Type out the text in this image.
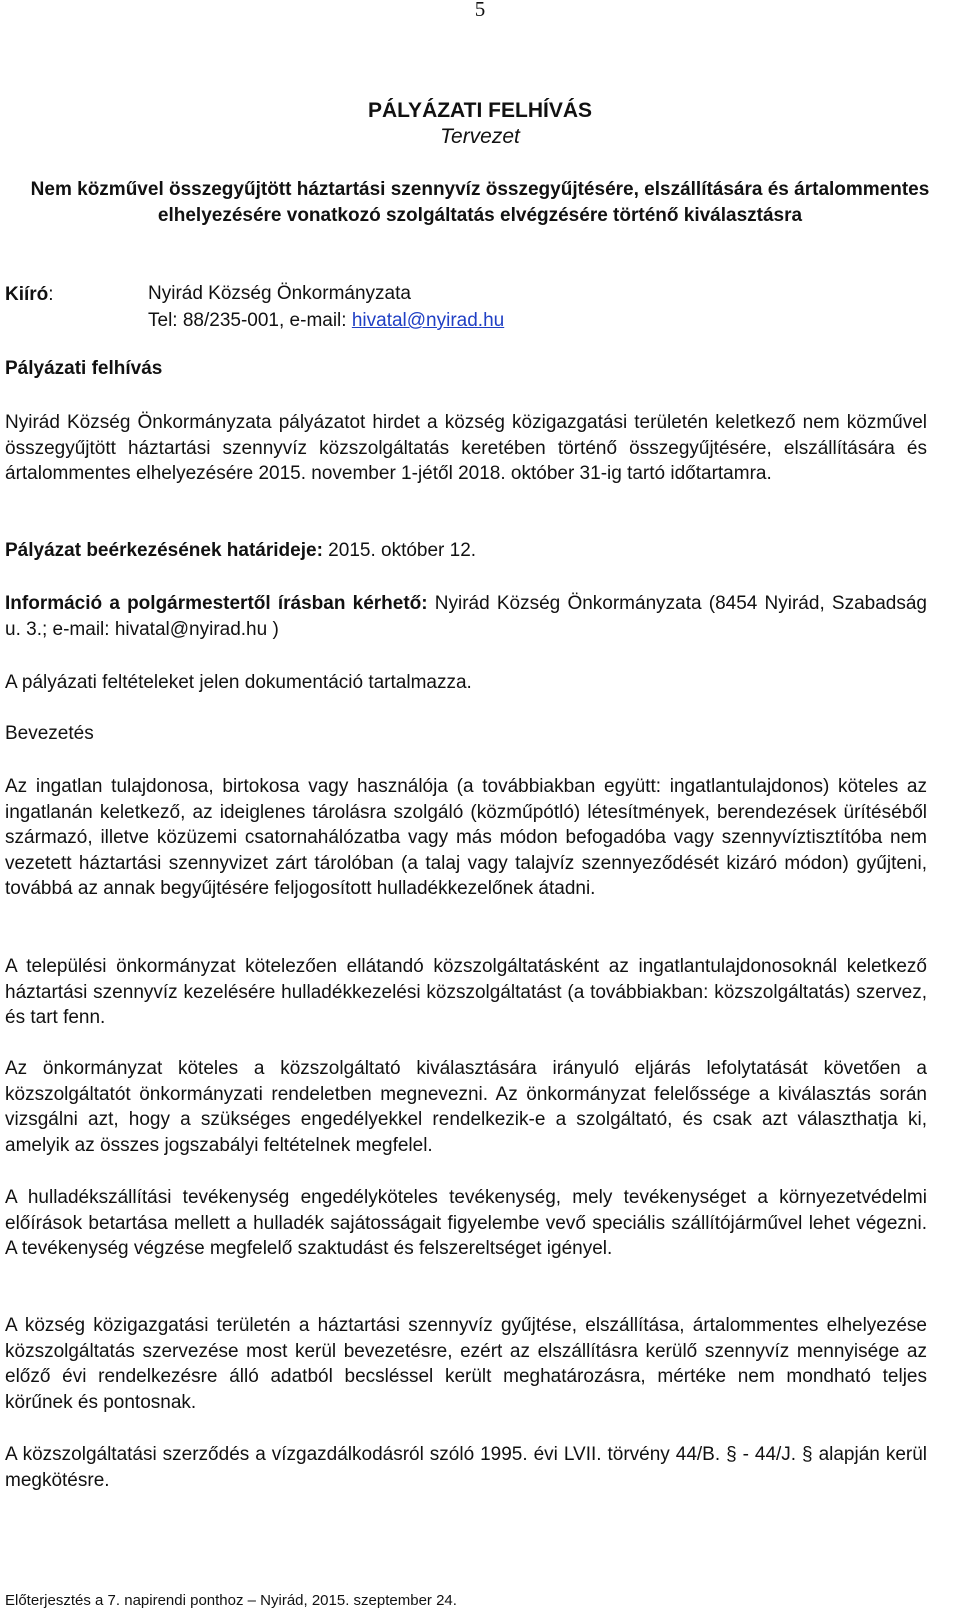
5
PÁLYÁZATI FELHÍVÁS
Tervezet
Nem közművel összegyűjtött háztartási szennyvíz összegyűjtésére, elszállítására és ártalommentes elhelyezésére vonatkozó szolgáltatás elvégzésére történő kiválasztásra
Kiíró:	Nyirád Község Önkormányzata
Tel: 88/235-001, e-mail: hivatal@nyirad.hu
Pályázati felhívás
Nyirád Község Önkormányzata pályázatot hirdet a község közigazgatási területén keletkező nem közművel összegyűjtött háztartási szennyvíz közszolgáltatás keretében történő összegyűjtésére, elszállítására és ártalommentes elhelyezésére 2015. november 1-jétől 2018. október 31-ig tartó időtartamra.
Pályázat beérkezésének határideje: 2015. október 12.
Információ a polgármestertől írásban kérhető: Nyirád Község Önkormányzata (8454 Nyirád, Szabadság u. 3.; e-mail: hivatal@nyirad.hu )
A pályázati feltételeket jelen dokumentáció tartalmazza.
Bevezetés
Az ingatlan tulajdonosa, birtokosa vagy használója (a továbbiakban együtt: ingatlantulajdonos) köteles az ingatlanán keletkező, az ideiglenes tárolásra szolgáló (közműpótló) létesítmények, berendezések ürítéséből származó, illetve közüzemi csatornahálózatba vagy más módon befogadóba vagy szennyvíztisztítóba nem vezetett háztartási szennyvizet zárt tárolóban (a talaj vagy talajvíz szennyeződését kizáró módon) gyűjteni, továbbá az annak begyűjtésére feljogosított hulladékkezelőnek átadni.
A települési önkormányzat kötelezően ellátandó közszolgáltatásként az ingatlantulajdonosoknál keletkező háztartási szennyvíz kezelésére hulladékkezelési közszolgáltatást (a továbbiakban: közszolgáltatás) szervez, és tart fenn.
Az önkormányzat köteles a közszolgáltató kiválasztására irányuló eljárás lefolytatását követően a közszolgáltatót önkormányzati rendeletben megnevezni. Az önkormányzat felelőssége a kiválasztás során vizsgálni azt, hogy a szükséges engedélyekkel rendelkezik-e a szolgáltató, és csak azt választhatja ki, amelyik az összes jogszabályi feltételnek megfelel.
A hulladékszállítási tevékenység engedélyköteles tevékenység, mely tevékenységet a környezetvédelmi előírások betartása mellett a hulladék sajátosságait figyelembe vevő speciális szállítójárművel lehet végezni. A tevékenység végzése megfelelő szaktudást és felszereltséget igényel.
A község közigazgatási területén a háztartási szennyvíz gyűjtése, elszállítása, ártalommentes elhelyezése közszolgáltatás szervezése most kerül bevezetésre, ezért az elszállításra kerülő szennyvíz mennyisége az előző évi rendelkezésre álló adatból becsléssel került meghatározásra, mértéke nem mondható teljes körűnek és pontosnak.
A közszolgáltatási szerződés a vízgazdálkodásról szóló 1995. évi LVII. törvény 44/B. § - 44/J. § alapján kerül megkötésre.
Előterjesztés a 7. napirendi ponthoz – Nyirád, 2015. szeptember 24.
